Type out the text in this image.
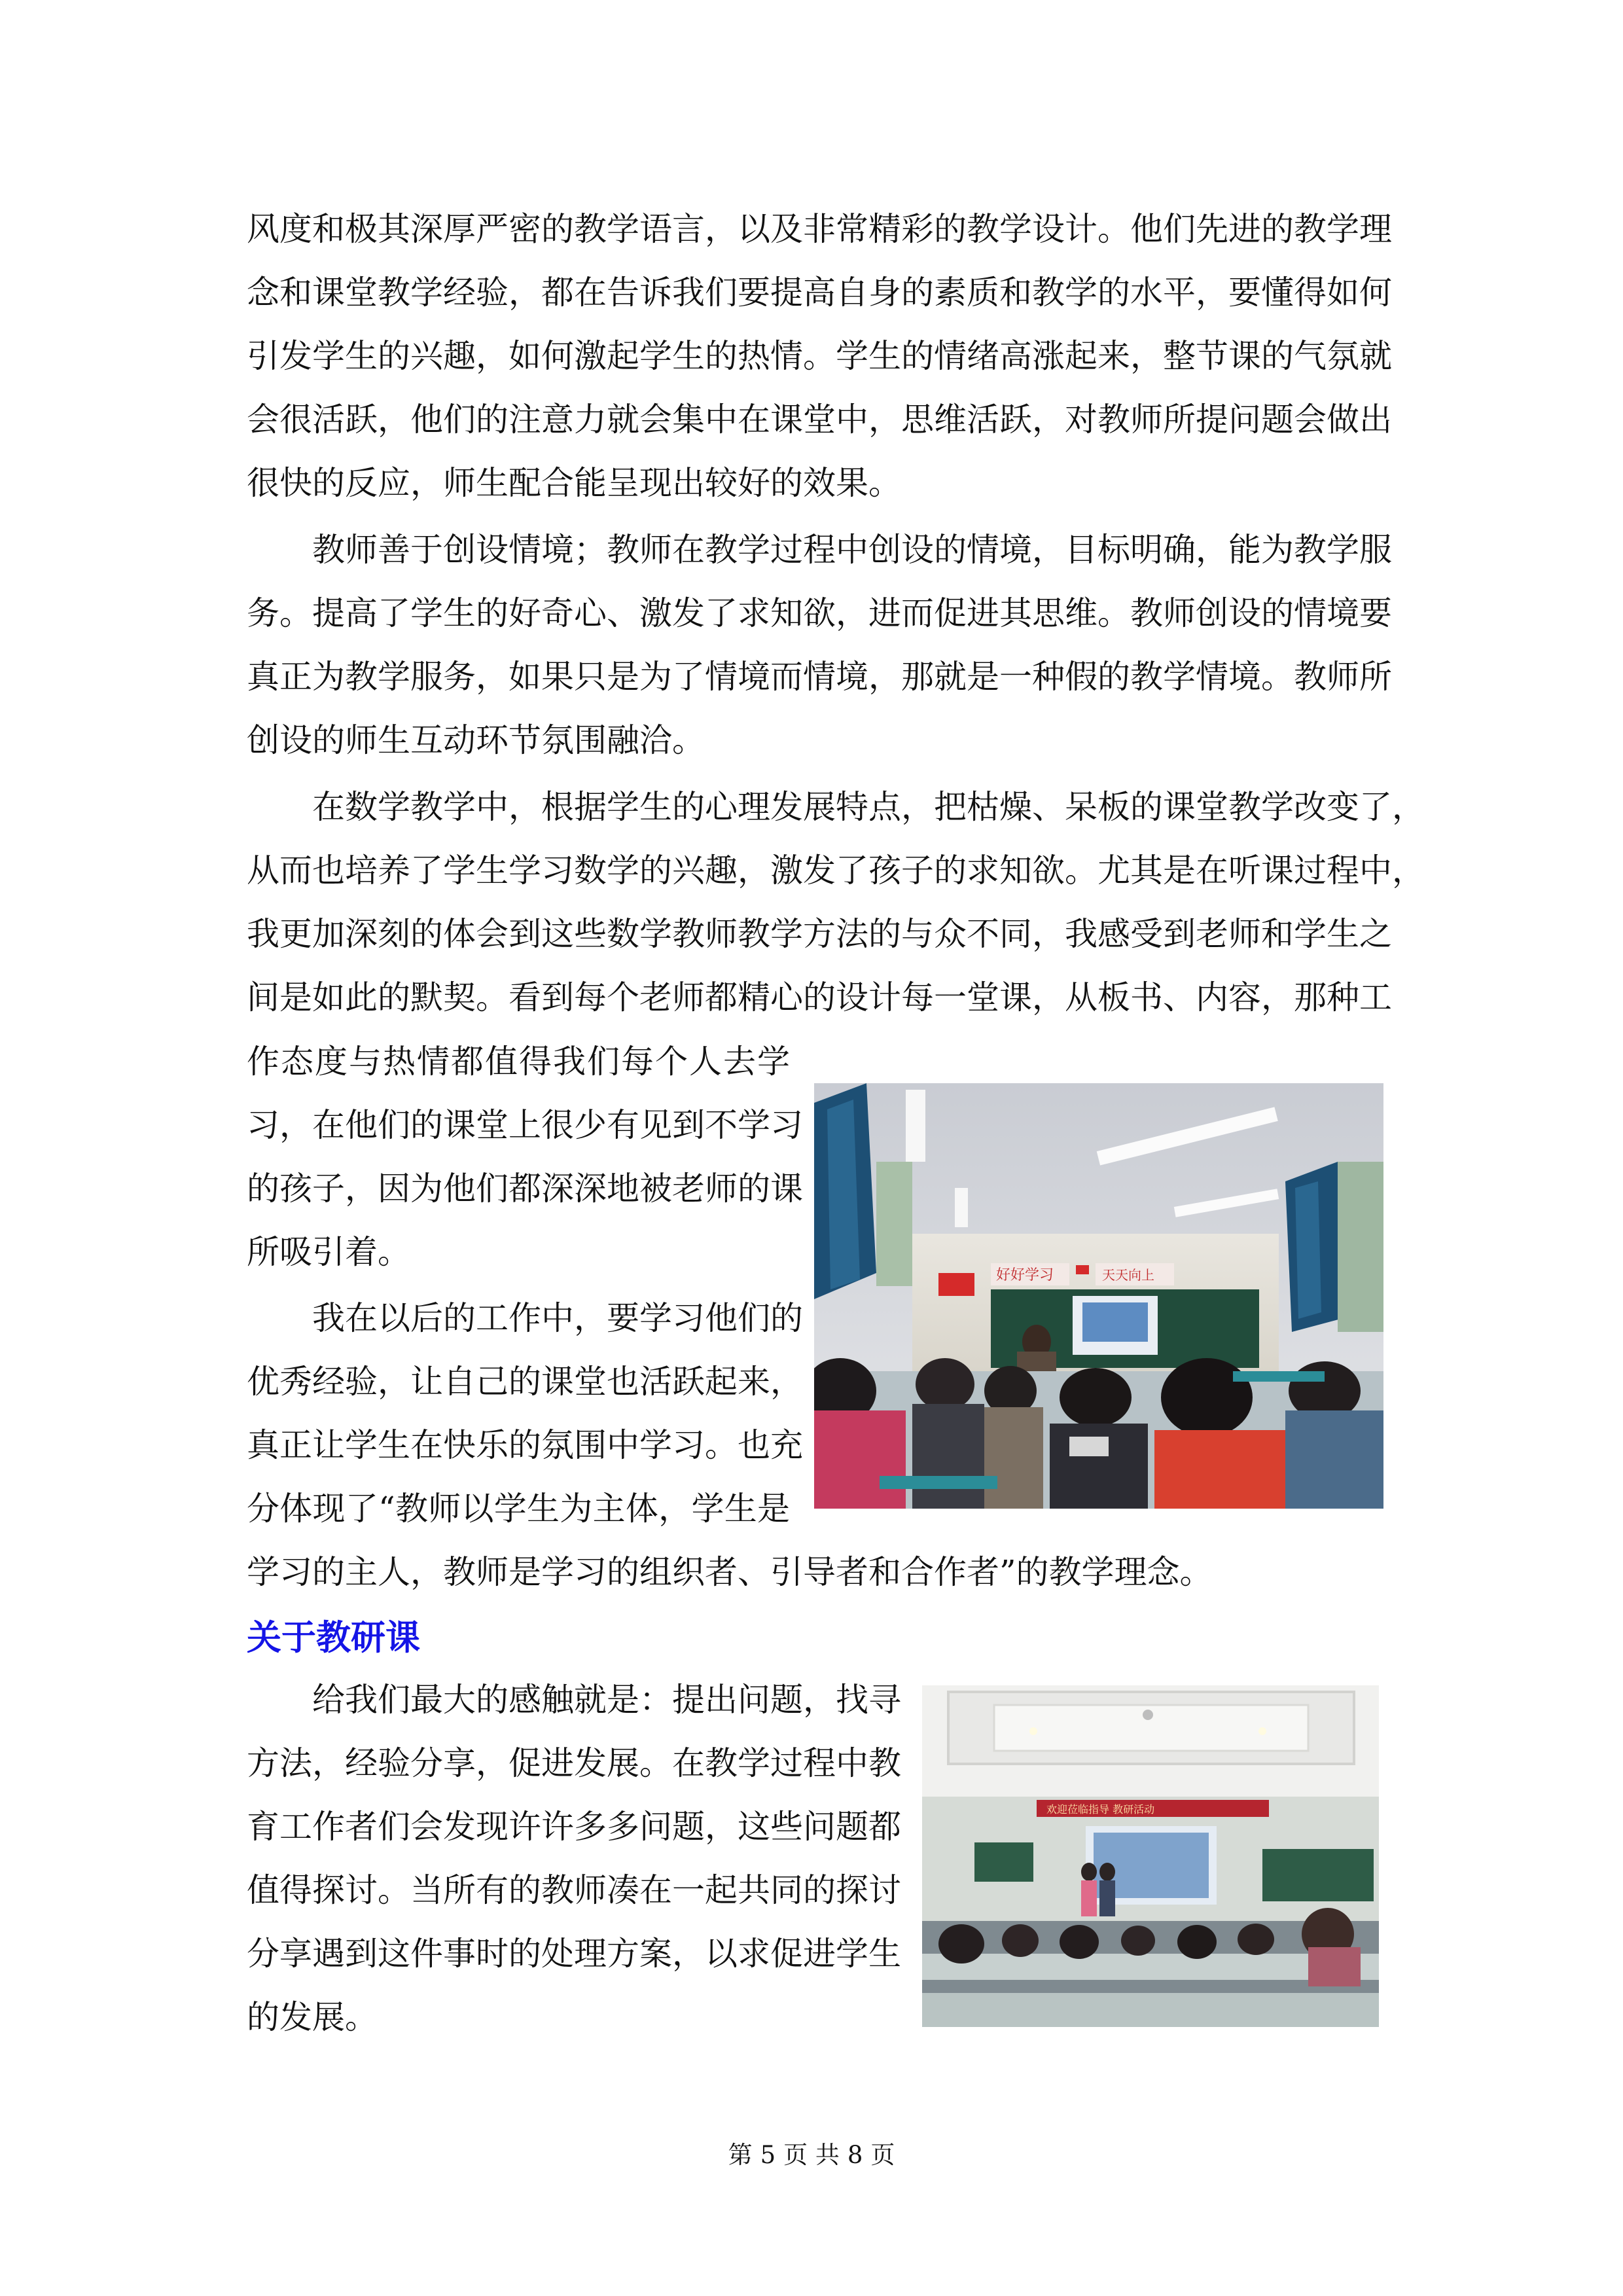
风度和极其深厚严密的教学语言，以及非常精彩的教学设计。他们先进的教学理
念和课堂教学经验，都在告诉我们要提高自身的素质和教学的水平，要懂得如何
引发学生的兴趣，如何激起学生的热情。学生的情绪高涨起来，整节课的气氛就
会很活跃，他们的注意力就会集中在课堂中，思维活跃，对教师所提问题会做出
很快的反应，师生配合能呈现出较好的效果。
　　教师善于创设情境；教师在教学过程中创设的情境，目标明确，能为教学服
务。提高了学生的好奇心、激发了求知欲，进而促进其思维。教师创设的情境要
真正为教学服务，如果只是为了情境而情境，那就是一种假的教学情境。教师所
创设的师生互动环节氛围融洽。
　　在数学教学中，根据学生的心理发展特点，把枯燥、呆板的课堂教学改变了，
从而也培养了学生学习数学的兴趣，激发了孩子的求知欲。尤其是在听课过程中，
我更加深刻的体会到这些数学教师教学方法的与众不同，我感受到老师和学生之
间是如此的默契。看到每个老师都精心的设计每一堂课，从板书、内容，那种工
作态度与热情都值得我们每个人去学
习，在他们的课堂上很少有见到不学习
的孩子，因为他们都深深地被老师的课
所吸引着。
　　我在以后的工作中，要学习他们的
优秀经验，让自己的课堂也活跃起来，
真正让学生在快乐的氛围中学习。也充
分体现了“教师以学生为主体，学生是
学习的主人，教师是学习的组织者、引导者和合作者”的教学理念。
关于教研课
　　给我们最大的感触就是：提出问题，找寻
方法，经验分享，促进发展。在教学过程中教
育工作者们会发现许许多多问题，这些问题都
值得探讨。当所有的教师凑在一起共同的探讨
分享遇到这件事时的处理方案，以求促进学生
的发展。
好好学习	天天向上
欢迎莅临指导 教研活动
第 5 页 共 8 页
